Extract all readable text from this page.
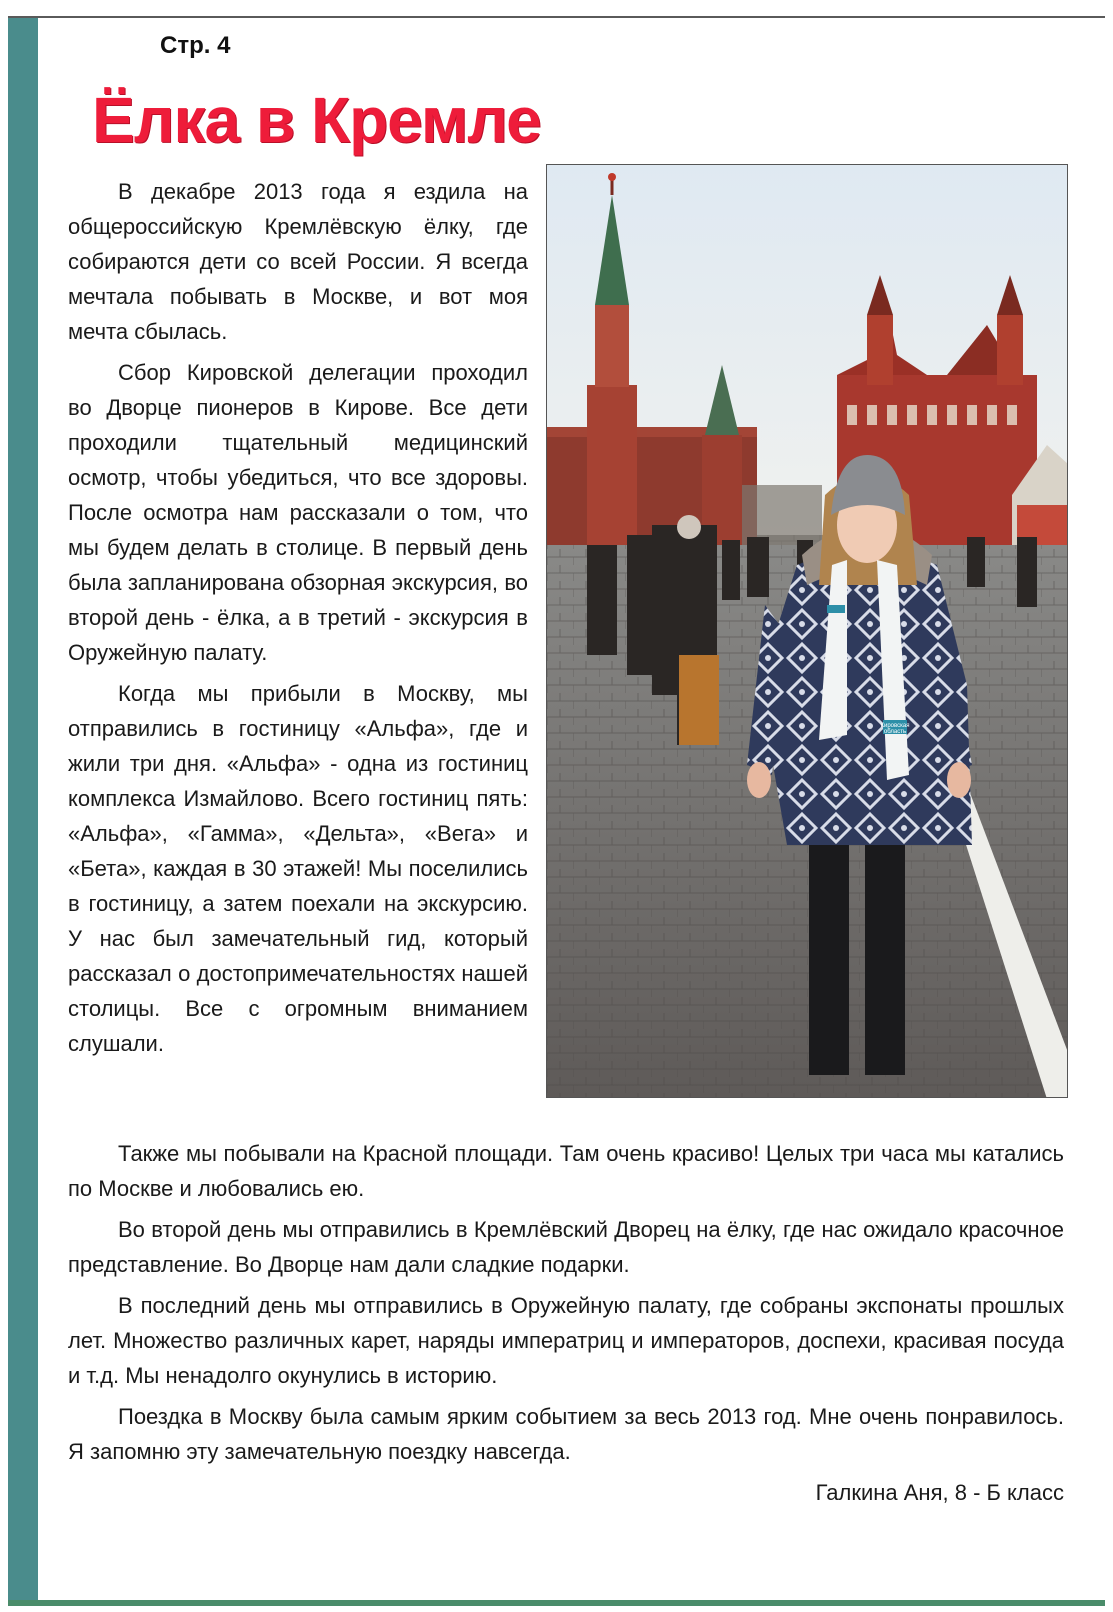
Стр. 4
Ёлка в Кремле

В декабре 2013 года я ездила на общероссийскую Кремлёвскую ёлку, где собираются дети со всей России. Я всегда мечтала побывать в Москве, и вот моя мечта сбылась.

Сбор Кировской делегации проходил во Дворце пионеров в Кирове. Все дети проходили тщательный медицинский осмотр, чтобы убедиться, что все здоровы. После осмотра нам рассказали о том, что мы будем делать в столице. В первый день была запланирована обзорная экскурсия, во второй день - ёлка, а в третий - экскурсия в Оружейную палату.

Когда мы прибыли в Москву, мы отправились в гостиницу «Альфа», где и жили три дня. «Альфа» - одна из гостиниц комплекса Измайлово. Всего гостиниц пять: «Альфа», «Гамма», «Дельта», «Вега» и «Бета», каждая в 30 этажей! Мы поселились в гостиницу, а затем поехали на экскурсию. У нас был замечательный гид, который рассказал о достопримечательностях нашей столицы. Все с огромным вниманием слушали.

Кировская
область

Также мы побывали на Красной площади. Там очень красиво! Целых три часа мы катались по Москве и любовались ею.

Во второй день мы отправились в Кремлёвский Дворец на ёлку, где нас ожидало красочное представление. Во Дворце нам дали сладкие подарки.

В последний день мы отправились в Оружейную палату, где собраны экспонаты прошлых лет. Множество различных карет, наряды императриц и императоров, доспехи, красивая посуда и т.д. Мы ненадолго окунулись в историю.

Поездка в Москву была самым ярким событием за весь 2013 год. Мне очень понравилось. Я запомню эту замечательную поездку навсегда.

Галкина Аня, 8 - Б класс
